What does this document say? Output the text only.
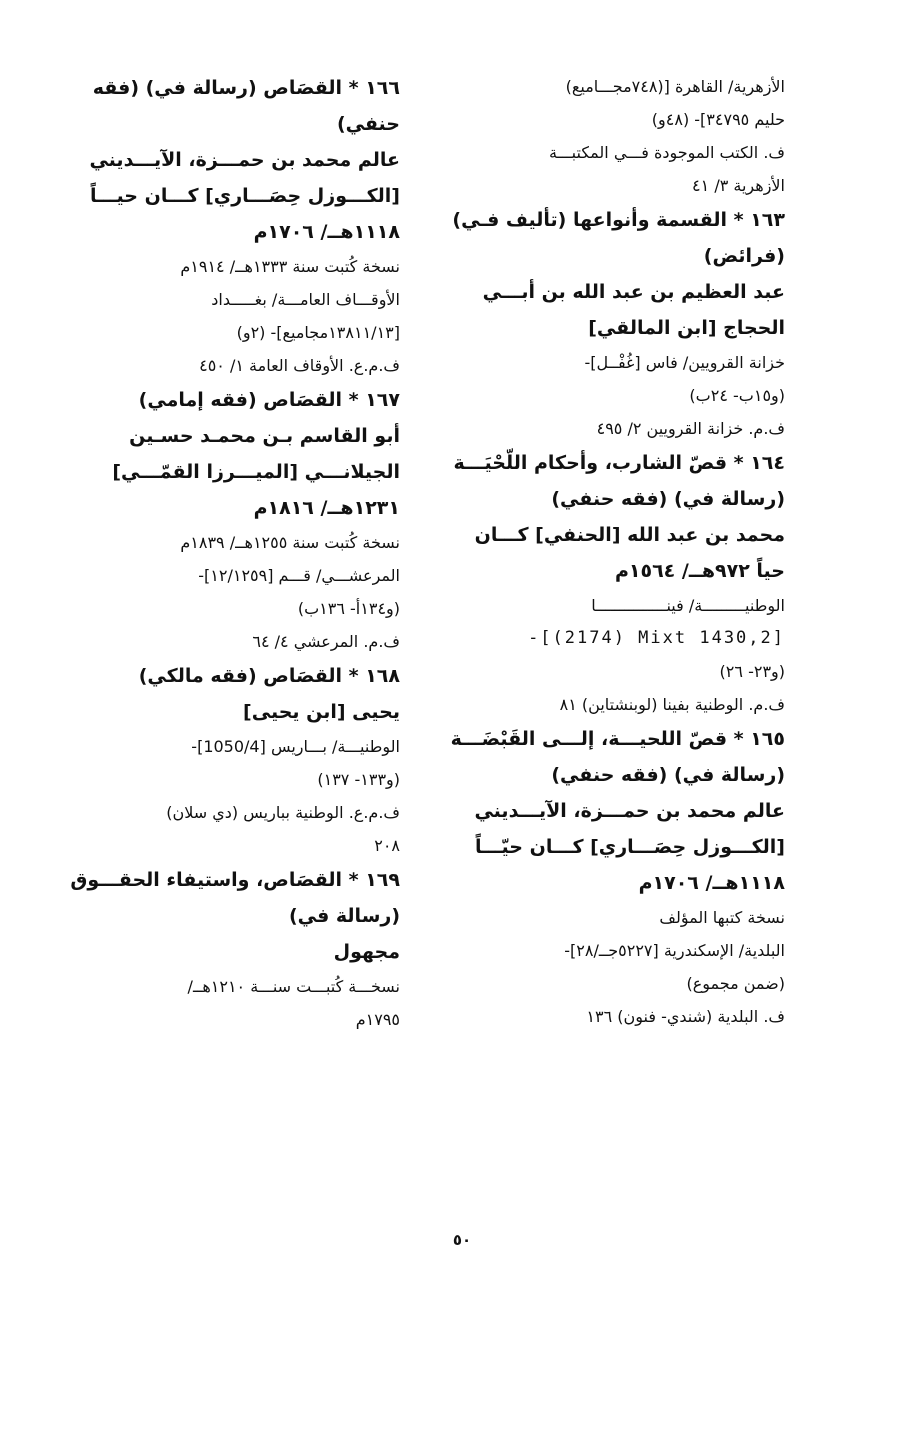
الأزهرية/ القاهرة [(٧٤٨مجـــاميع)
حليم ٣٤٧٩٥]- (٤٨و)
ف. الكتب الموجودة فـــي المكتبـــة
الأزهرية ٣/ ٤١
١٦٣ * القسمة وأنواعها (تأليف فـي)
(فرائض)
عبد العظيم بن عبد الله بن أبـــي
الحجاج [ابن المالقي]
خزانة القرويين/ فاس [غُفْــل]-
(و١٥ب- ٢٤ب)
ف.م. خزانة القرويين ٢/ ٤٩٥
١٦٤ * قصّ الشارب، وأحكام اللّحْيَـــة
(رسالة في) (فقه حنفي)
محمد بن عبد الله [الحنفي] كـــان
حياً ٩٧٢هــ/ ١٥٦٤م
الوطنيـــــــــة/ فينـــــــــــــــا
-[(2174) Mixt 1430,2]
(و٢٣- ٢٦)
ف.م. الوطنية بفينا (لوبنشتاين) ٨١
١٦٥ * قصّ اللحيـــة، إلـــى القَبْضَـــة
(رسالة في) (فقه حنفي)
عالم محمد بن حمـــزة، الآيـــديني
[الكـــوزل حِصَـــاري] كـــان حيّـــاً
١١١٨هــ/ ١٧٠٦م
نسخة كتبها المؤلف
البلدية/ الإسكندرية [٥٢٢٧جــ/٢٨]-
(ضمن مجموع)
ف. البلدية (شندي- فنون) ١٣٦
١٦٦ * القصَاص (رسالة في) (فقه
حنفي)
عالم محمد بن حمـــزة، الآيـــديني
[الكـــوزل حِصَـــاري] كـــان حيـــاً
١١١٨هــ/ ١٧٠٦م
نسخة كُتبت سنة ١٣٣٣هــ/ ١٩١٤م
الأوقـــاف العامـــة/ بغـــــداد
[١٣٨١١/١٣مجاميع]- (٢و)
ف.م.ع. الأوقاف العامة ١/ ٤٥٠
١٦٧ * القصَاص (فقه إمامي)
أبو القاسم بـن محمـد حسـين
الجيلانـــي [الميـــرزا القمّـــي]
١٢٣١هــ/ ١٨١٦م
نسخة كُتبت سنة ١٢٥٥هــ/ ١٨٣٩م
المرعشـــي/ قـــم [١٢/١٢٥٩]-
(و١٣٤أ- ١٣٦ب)
ف.م. المرعشي ٤/ ٦٤
١٦٨ * القصَاص (فقه مالكي)
يحيى [ابن يحيى]
الوطنيـــة/ بـــاريس [1050/4]-
(و١٣٣- ١٣٧)
ف.م.ع. الوطنية بباريس (دي سلان)
٢٠٨
١٦٩ * القصَاص، واستيفاء الحقـــوق
(رسالة في)
مجهول
نسخـــة كُتبـــت سنـــة ١٢١٠هــ/
١٧٩٥م
٥٠
